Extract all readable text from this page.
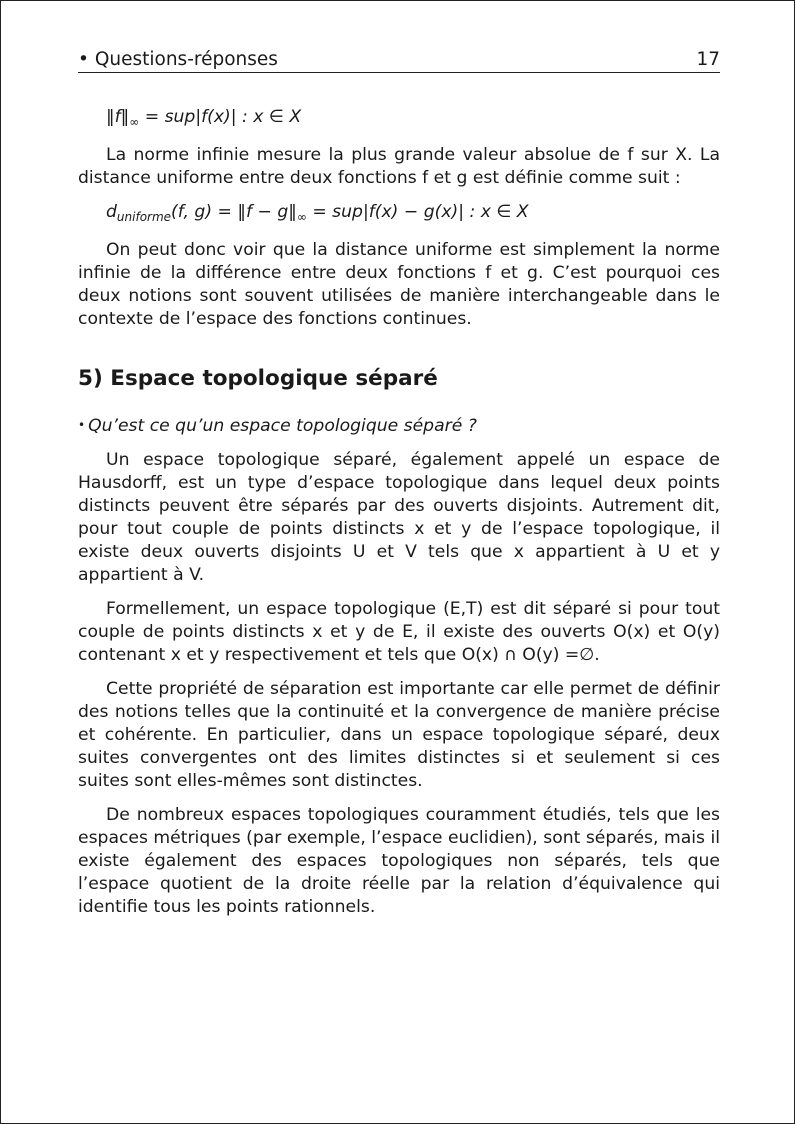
• Questions-réponses	17
$‖f‖_\infty = sup|f(x)|$ : x ∈ X

La norme infinie mesure la plus grande valeur absolue de f sur X. La distance uniforme entre deux fonctions f et g est définie comme suit :

$d_{uniforme}(f$, g) = ‖f − $g‖_\infty = sup|f(x) - g(x)|$ : x ∈ X

On peut donc voir que la distance uniforme est simplement la norme infinie de la différence entre deux fonctions f et g. C’est pourquoi ces deux notions sont souvent utilisées de manière interchangeable dans le contexte de l’espace des fonctions continues.

5) Espace topologique séparé
• Qu’est ce qu’un espace topologique séparé ?

Un espace topologique séparé, également appelé un espace de Hausdorff, est un type d’espace topologique dans lequel deux points distincts peuvent être séparés par des ouverts disjoints. Autrement dit, pour tout couple de points distincts x et y de l’espace topologique, il existe deux ouverts disjoints U et V tels que x appartient à U et y appartient à V.

Formellement, un espace topologique (E,T) est dit séparé si pour tout couple de points distincts x et y de E, il existe des ouverts O(x) et O(y) contenant x et y respectivement et tels que O(x) ∩ O(y) =∅.

Cette propriété de séparation est importante car elle permet de définir des notions telles que la continuité et la convergence de manière précise et cohérente. En particulier, dans un espace topologique séparé, deux suites convergentes ont des limites distinctes si et seulement si ces suites sont elles-mêmes sont distinctes.

De nombreux espaces topologiques couramment étudiés, tels que les espaces métriques (par exemple, l’espace euclidien), sont séparés, mais il existe également des espaces topologiques non séparés, tels que l’espace quotient de la droite réelle par la relation d’équivalence qui identifie tous les points rationnels.
